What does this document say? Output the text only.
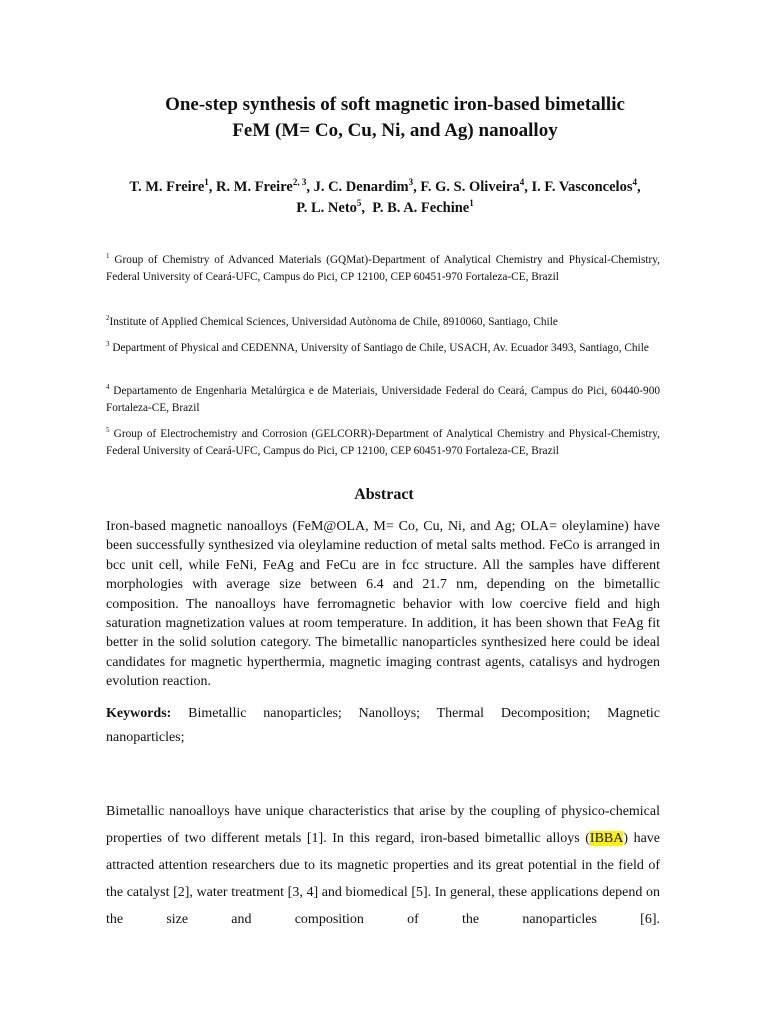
One-step synthesis of soft magnetic iron-based bimetallic
FeM (M= Co, Cu, Ni, and Ag) nanoalloy
T. M. Freire$^1$, R. M. Freire$^{2, 3}$, J. C. Denardim$^3$, F. G. S. Oliveira$^4$, I. F. Vasconcelos$^4$,
P. L. Neto$^5$,  P. B. A. Fechine$^1$
$^1$ Group of Chemistry of Advanced Materials (GQMat)-Department of Analytical Chemistry and Physical-Chemistry, Federal University of Ceará-UFC, Campus do Pici, CP 12100, CEP 60451-970 Fortaleza-CE, Brazil
$^2$Institute of Applied Chemical Sciences, Universidad Autònoma de Chile, 8910060, Santiago, Chile
$^3$ Department of Physical and CEDENNA, University of Santiago de Chile, USACH, Av. Ecuador 3493, Santiago, Chile
$^4$ Departamento de Engenharia Metalúrgica e de Materiais, Universidade Federal do Ceará, Campus do Pici, 60440-900 Fortaleza-CE, Brazil
$^5$ Group of Electrochemistry and Corrosion (GELCORR)-Department of Analytical Chemistry and Physical-Chemistry, Federal University of Ceará-UFC, Campus do Pici, CP 12100, CEP 60451-970 Fortaleza-CE, Brazil
Abstract
Iron-based magnetic nanoalloys (FeM@OLA, M= Co, Cu, Ni, and Ag; OLA= oleylamine) have been successfully synthesized via oleylamine reduction of metal salts method. FeCo is arranged in bcc unit cell, while FeNi, FeAg and FeCu are in fcc structure. All the samples have different morphologies with average size between 6.4 and 21.7 nm, depending on the bimetallic composition. The nanoalloys have ferromagnetic behavior with low coercive field and high saturation magnetization values at room temperature. In addition, it has been shown that FeAg fit better in the solid solution category. The bimetallic nanoparticles synthesized here could be ideal candidates for magnetic hyperthermia, magnetic imaging contrast agents, catalisys and hydrogen evolution reaction.
Keywords: Bimetallic nanoparticles; Nanolloys; Thermal Decomposition; Magnetic nanoparticles;
Bimetallic nanoalloys have unique characteristics that arise by the coupling of physico-chemical properties of two different metals [1]. In this regard, iron-based bimetallic alloys (IBBA) have attracted attention researchers due to its magnetic properties and its great potential in the field of the catalyst [2], water treatment [3, 4] and biomedical [5]. In general, these applications depend on the size and composition of the nanoparticles [6].
